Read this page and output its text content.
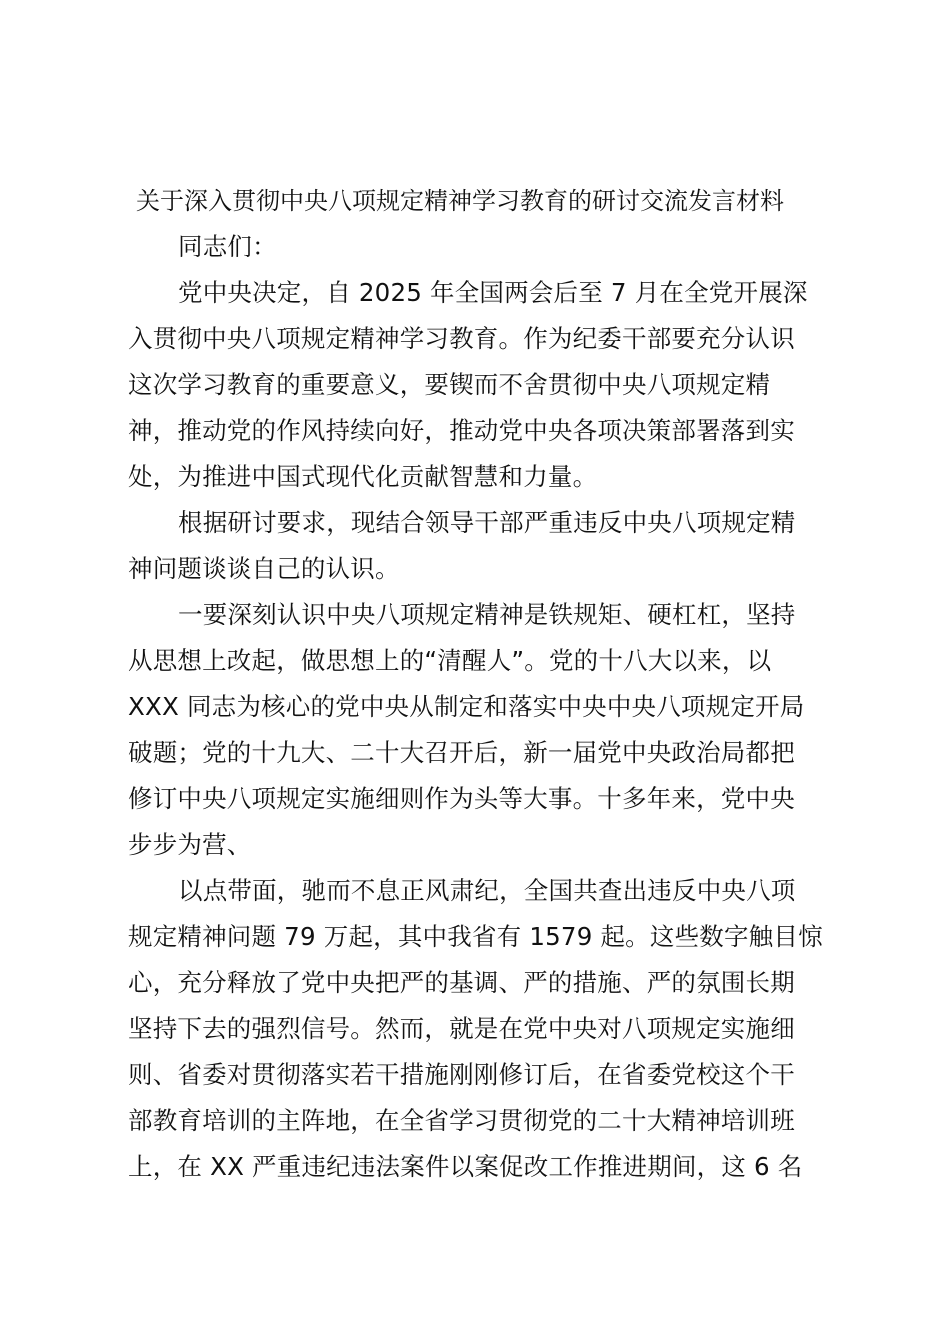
关于深入贯彻中央八项规定精神学习教育的研讨交流发言材料
同志们：
党中央决定，自 2025 年全国两会后至 7 月在全党开展深
入贯彻中央八项规定精神学习教育。作为纪委干部要充分认识
这次学习教育的重要意义，要锲而不舍贯彻中央八项规定精
神，推动党的作风持续向好，推动党中央各项决策部署落到实
处，为推进中国式现代化贡献智慧和力量。
根据研讨要求，现结合领导干部严重违反中央八项规定精
神问题谈谈自己的认识。
一要深刻认识中央八项规定精神是铁规矩、硬杠杠，坚持
从思想上改起，做思想上的“清醒人”。党的十八大以来，以
XXX 同志为核心的党中央从制定和落实中央中央八项规定开局
破题；党的十九大、二十大召开后，新一届党中央政治局都把
修订中央八项规定实施细则作为头等大事。十多年来，党中央
步步为营、
以点带面，驰而不息正风肃纪，全国共查出违反中央八项
规定精神问题 79 万起，其中我省有 1579 起。这些数字触目惊
心，充分释放了党中央把严的基调、严的措施、严的氛围长期
坚持下去的强烈信号。然而，就是在党中央对八项规定实施细
则、省委对贯彻落实若干措施刚刚修订后，在省委党校这个干
部教育培训的主阵地，在全省学习贯彻党的二十大精神培训班
上，在 XX 严重违纪违法案件以案促改工作推进期间，这 6 名
